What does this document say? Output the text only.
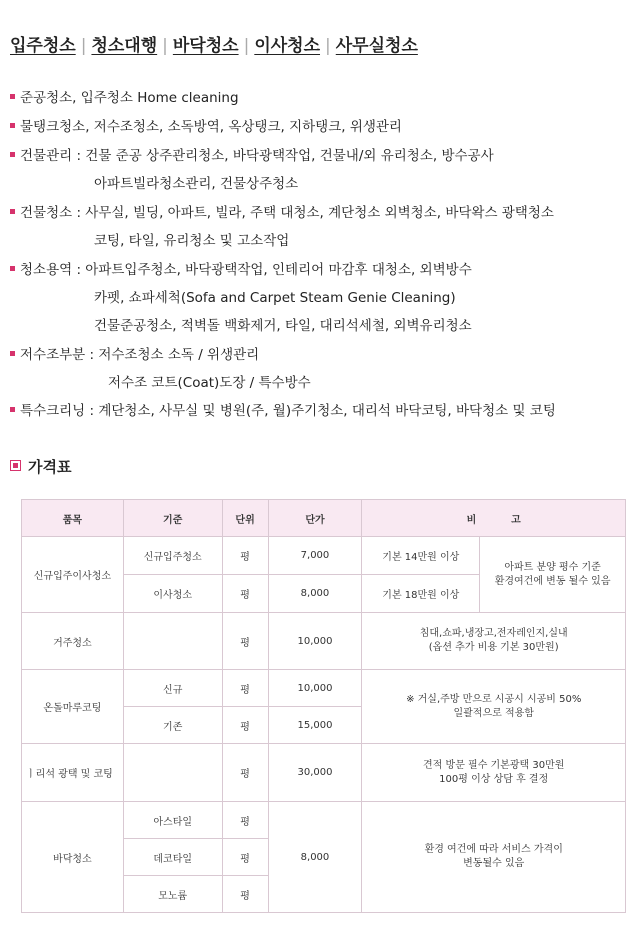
입주청소 | 청소대행 | 바닥청소 | 이사청소 | 사무실청소
준공청소, 입주청소 Home cleaning
물탱크청소, 저수조청소, 소독방역, 옥상탱크, 지하탱크, 위생관리
건물관리 : 건물 준공 상주관리청소, 바닥광택작업, 건물내/외 유리청소, 방수공사
아파트빌라청소관리, 건물상주청소
건물청소 : 사무실, 빌딩, 아파트, 빌라, 주택 대청소, 계단청소 외벽청소, 바닥왁스 광택청소
코팅, 타일, 유리청소 및 고소작업
청소용역 : 아파트입주청소, 바닥광택작업, 인테리어 마감후 대청소, 외벽방수
카펫, 쇼파세척(Sofa and Carpet Steam Genie Cleaning)
건물준공청소, 적벽돌 백화제거, 타일, 대리석세철, 외벽유리청소
저수조부분 : 저수조청소 소독 / 위생관리
저수조 코트(Coat)도장 / 특수방수
특수크리닝 : 계단청소, 사무실 및 병원(주, 월)주기청소, 대리석 바닥코팅, 바닥청소 및 코팅
가격표
품목	기준	단위	단가	비          고	
신규입주이사청소	신규입주청소	평	7,000	기본 14만원 이상	아파트 분양 평수 기준
환경여건에 변동 될수 있음

	이사청소	평	8,000	기본 18만원 이상	
거주청소		평	10,000	침대,쇼파,냉장고,전자레인지,실내
(옵션 추가 비용 기본 30만원)	

온돌마루코팅	신규	평	10,000	※ 거실,주방 만으로 시공시 시공비 50%
일괄적으로 적용함	

	기존	평	15,000		
ㅣ리석 광택 및 코팅		평	30,000	견적 방문 필수 기본광택 30만원
100평 이상 상담 후 결정	

바닥청소	아스타일	평	8,000	환경 여건에 따라 서비스 가격이
변동될수 있음	

	데코타일	평			
	모노륨	평			
